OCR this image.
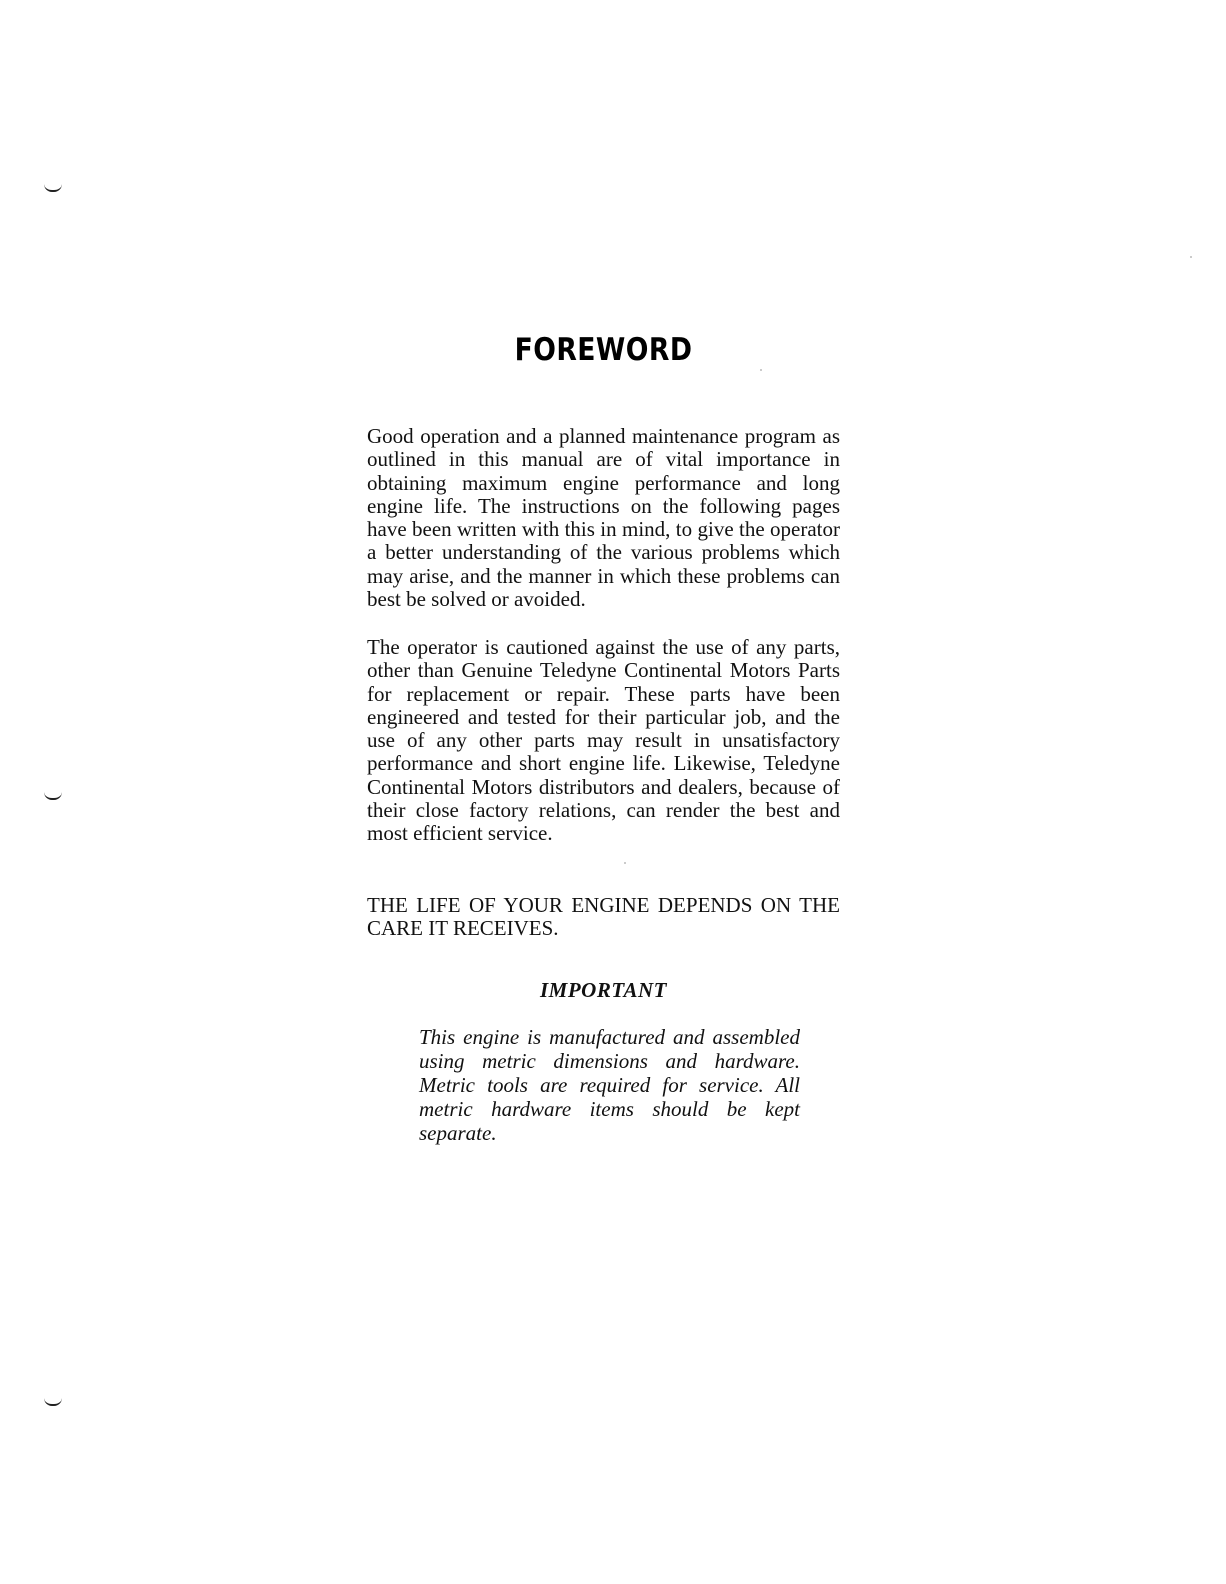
FOREWORD

Good operation and a planned maintenance program as outlined in this manual are of vital importance in obtaining maximum engine performance and long engine life. The instructions on the following pages have been written with this in mind, to give the operator a better understanding of the various problems which may arise, and the manner in which these problems can best be solved or avoided.

The operator is cautioned against the use of any parts, other than Genuine Teledyne Continental Motors Parts for replacement or repair. These parts have been engineered and tested for their particular job, and the use of any other parts may result in unsatisfactory performance and short engine life. Likewise, Teledyne Continental Motors distributors and dealers, because of their close factory relations, can render the best and most efficient service.

THE LIFE OF YOUR ENGINE DEPENDS ON THE CARE IT RECEIVES.

IMPORTANT

This engine is manufactured and assembled using metric dimensions and hardware. Metric tools are required for service. All metric hardware items should be kept separate.
